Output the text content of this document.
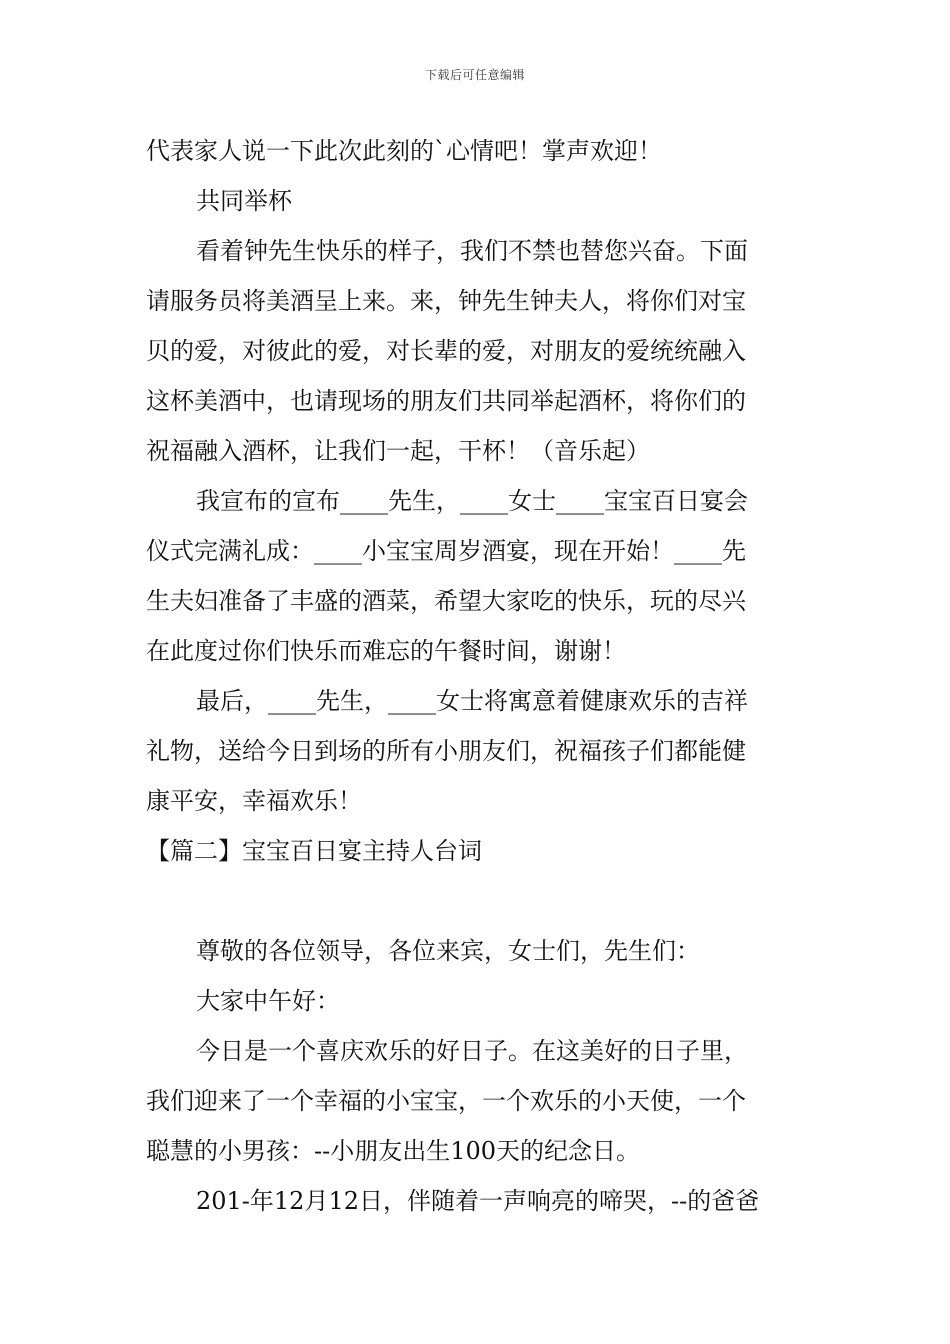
下载后可任意编辑
代表家人说一下此次此刻的`心情吧！掌声欢迎！
共同举杯
看着钟先生快乐的样子，我们不禁也替您兴奋。下面
请服务员将美酒呈上来。来，钟先生钟夫人，将你们对宝
贝的爱，对彼此的爱，对长辈的爱，对朋友的爱统统融入
这杯美酒中，也请现场的朋友们共同举起酒杯，将你们的
祝福融入酒杯，让我们一起，干杯！（音乐起）
我宣布的宣布____先生，____女士____宝宝百日宴会
仪式完满礼成：____小宝宝周岁酒宴，现在开始！____先
生夫妇准备了丰盛的酒菜，希望大家吃的快乐，玩的尽兴
在此度过你们快乐而难忘的午餐时间，谢谢！
最后，____先生，____女士将寓意着健康欢乐的吉祥
礼物，送给今日到场的所有小朋友们，祝福孩子们都能健
康平安，幸福欢乐！
【篇二】宝宝百日宴主持人台词
尊敬的各位领导，各位来宾，女士们，先生们：
大家中午好：
今日是一个喜庆欢乐的好日子。在这美好的日子里，
我们迎来了一个幸福的小宝宝，一个欢乐的小天使，一个
聪慧的小男孩：--小朋友出生100天的纪念日。
201-年12月12日，伴随着一声响亮的啼哭，--的爸爸
